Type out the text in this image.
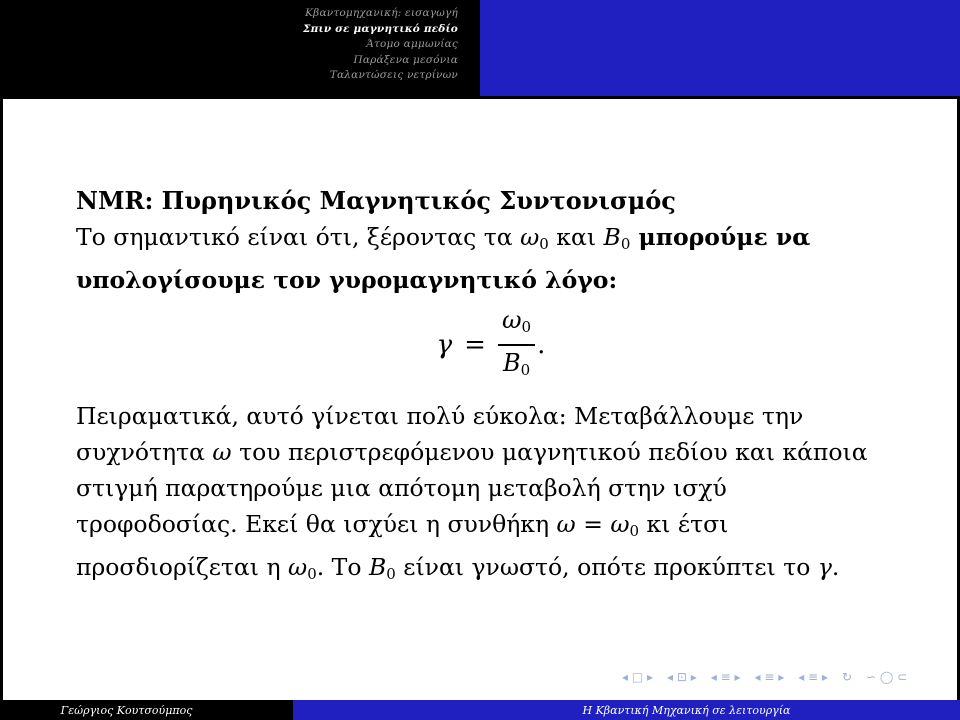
Κβαντομηχανική: εισαγωγή
Σπιν σε μαγνητικό πεδίο
Άτομο αμμωνίας
Παράξενα μεσόνια
Ταλαντώσεις νετρίνων
NMR: Πυρηνικός Μαγνητικός Συντονισμός
Το σημαντικό είναι ότι, ξέροντας τα $\omega_0$ και $B_0$ μπορούμε να
υπολογίσουμε τον γυρομαγνητικό λόγο:
$\gamma = \frac{\omega_0}{B_0}$ .
Πειραματικά, αυτό γίνεται πολύ εύκολα: Μεταβάλλουμε την
συχνότητα ω του περιστρεφόμενου μαγνητικού πεδίου και κάποια
στιγμή παρατηρούμε μια απότομη μεταβολή στην ισχύ
τροφοδοσίας. Εκεί θα ισχύει η συνθήκη $\omega = \omega_0$ κι έτσι
προσδιορίζεται η $\omega_0$. Το $B_0$ είναι γνωστό, οπότε προκύπτει το γ.
◂ □ ▸ ◂ ⊡ ▸ ◂ ≡ ▸ ◂ ≡ ▸ ◂ ≡ ▸ ↻ ∽ ◯ ⊂
Γεώργιος Κουτσούμπος	Η Κβαντική Μηχανική σε λειτουργία
